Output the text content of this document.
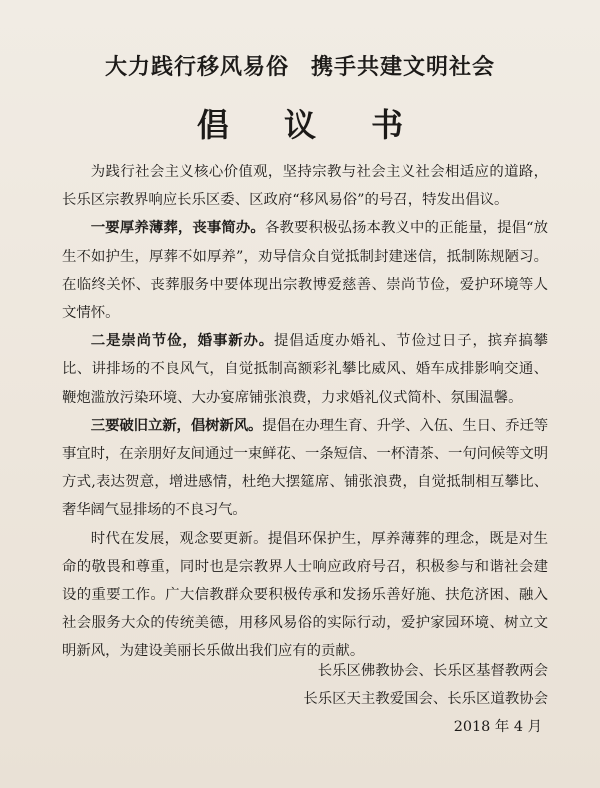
大力践行移风易俗 携手共建文明社会
倡 议 书

为践行社会主义核心价值观，坚持宗教与社会主义社会相适应的道路，长乐区宗教界响应长乐区委、区政府“移风易俗”的号召，特发出倡议。

一要厚养薄葬，丧事简办。各教要积极弘扬本教义中的正能量，提倡“放生不如护生，厚葬不如厚养”，劝导信众自觉抵制封建迷信，抵制陈规陋习。在临终关怀、丧葬服务中要体现出宗教博爱慈善、崇尚节俭，爱护环境等人文情怀。

二是崇尚节俭，婚事新办。提倡适度办婚礼、节俭过日子，摈弃搞攀比、讲排场的不良风气，自觉抵制高额彩礼攀比威风、婚车成排影响交通、鞭炮滥放污染环境、大办宴席铺张浪费，力求婚礼仪式简朴、氛围温馨。

三要破旧立新，倡树新风。提倡在办理生育、升学、入伍、生日、乔迁等事宜时，在亲朋好友间通过一束鲜花、一条短信、一杯清茶、一句问候等文明方式,表达贺意，增进感情，杜绝大摆筵席、铺张浪费，自觉抵制相互攀比、奢华阔气显排场的不良习气。

时代在发展，观念要更新。提倡环保护生，厚养薄葬的理念，既是对生命的敬畏和尊重，同时也是宗教界人士响应政府号召，积极参与和谐社会建设的重要工作。广大信教群众要积极传承和发扬乐善好施、扶危济困、融入社会服务大众的传统美德，用移风易俗的实际行动，爱护家园环境、树立文明新风，为建设美丽长乐做出我们应有的贡献。

长乐区佛教协会、长乐区基督教两会
长乐区天主教爱国会、长乐区道教协会
2018 年 4 月
